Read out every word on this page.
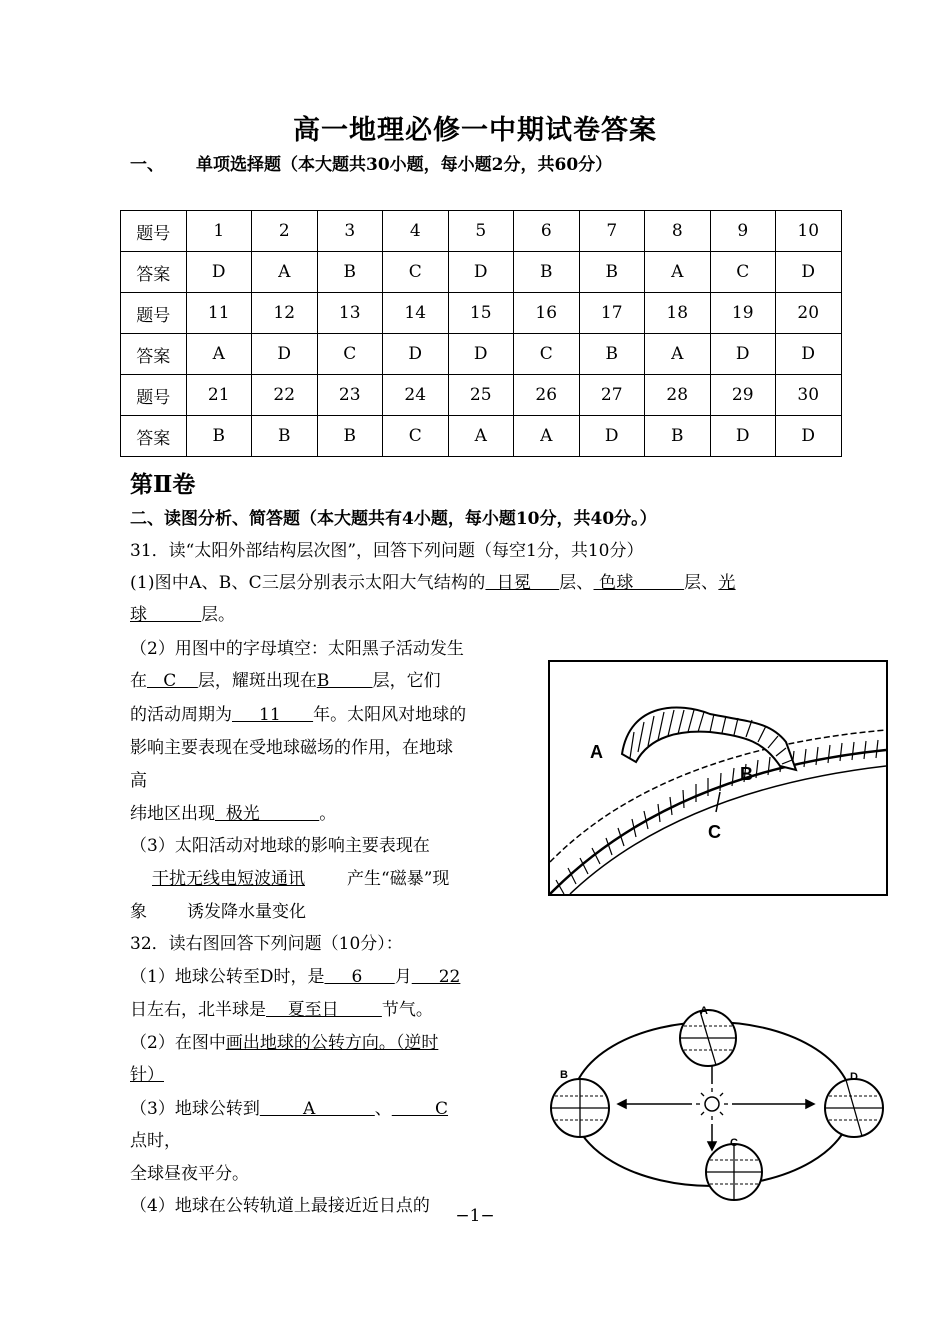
高一地理必修一中期试卷答案
一、 单项选择题（本大题共30小题，每小题2分，共60分）
题号	1	2	3	4	5	6	7	8	9	10
答案	D	A	B	C	D	B	B	A	C	D
题号	11	12	13	14	15	16	17	18	19	20
答案	A	D	C	D	D	C	B	A	D	D
题号	21	22	23	24	25	26	27	28	29	30
答案	B	B	B	C	A	A	D	B	D	D
第Ⅱ卷
二、读图分析、简答题（本大题共有4小题，每小题10分，共40分。）
31．读“太阳外部结构层次图”，回答下列问题（每空1分，共10分）
(1)图中A、B、C三层分别表示太阳大气结构的  日冕     层、 色球         层、光
球          层。
（2）用图中的字母填空：太阳黑子活动发生
在   C    层，耀斑出现在B        层，它们
的活动周期为     11      年。太阳风对地球的
影响主要表现在受地球磁场的作用，在地球
高
纬地区出现  极光           。
（3）太阳活动对地球的影响主要表现在
干扰无线电短波通讯 产生“磁暴”现
象 诱发降水量变化
A
B
C
32．读右图回答下列问题（10分）：
（1）地球公转至D时，是     6      月     22
日左右，北半球是    夏至日        节气。
（2）在图中画出地球的公转方向。（逆时
针）
（3）地球公转到        A           、        C
点时，
全球昼夜平分。
（4）地球在公转轨道上最接近近日点的
A
B	D
C
−1−
